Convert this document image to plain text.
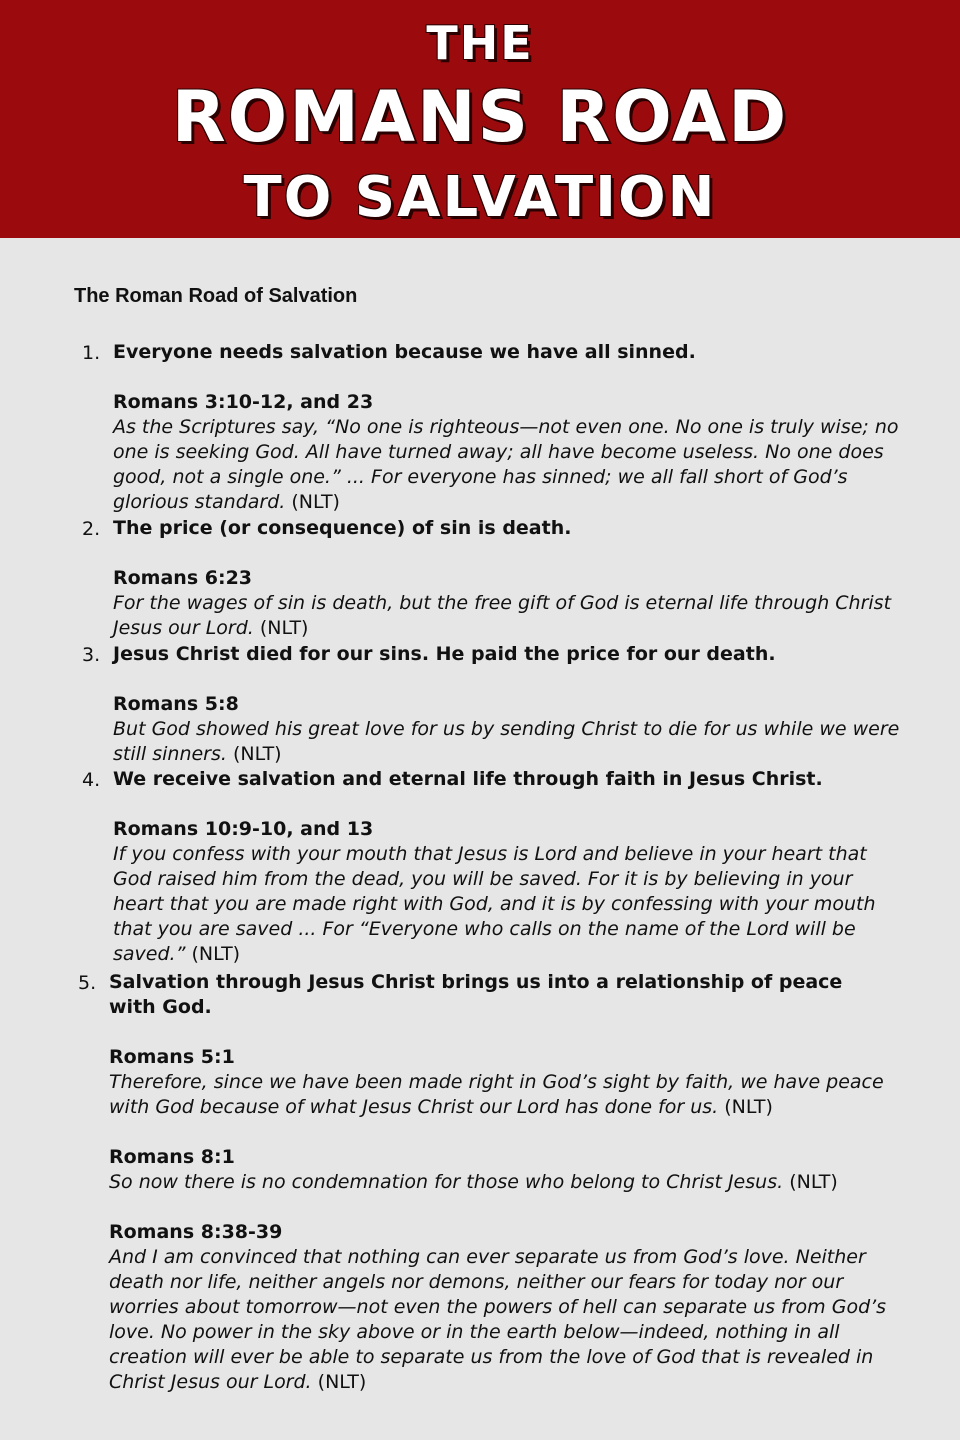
THE
ROMANS ROAD
TO SALVATION
The Roman Road of Salvation
1. Everyone needs salvation because we have all sinned.
Romans 3:10-12, and 23
As the Scriptures say, “No one is righteous—not even one. No one is truly wise; no one is seeking God. All have turned away; all have become useless. No one does good, not a single one.” ... For everyone has sinned; we all fall short of God’s glorious standard. (NLT)
2. The price (or consequence) of sin is death.
Romans 6:23
For the wages of sin is death, but the free gift of God is eternal life through Christ Jesus our Lord. (NLT)
3. Jesus Christ died for our sins. He paid the price for our death.
Romans 5:8
But God showed his great love for us by sending Christ to die for us while we were still sinners. (NLT)
4. We receive salvation and eternal life through faith in Jesus Christ.
Romans 10:9-10, and 13
If you confess with your mouth that Jesus is Lord and believe in your heart that God raised him from the dead, you will be saved. For it is by believing in your heart that you are made right with God, and it is by confessing with your mouth that you are saved ... For “Everyone who calls on the name of the Lord will be saved.” (NLT)
5. Salvation through Jesus Christ brings us into a relationship of peace with God.
Romans 5:1
Therefore, since we have been made right in God’s sight by faith, we have peace with God because of what Jesus Christ our Lord has done for us. (NLT)
Romans 8:1
So now there is no condemnation for those who belong to Christ Jesus. (NLT)
Romans 8:38-39
And I am convinced that nothing can ever separate us from God’s love. Neither death nor life, neither angels nor demons, neither our fears for today nor our worries about tomorrow—not even the powers of hell can separate us from God’s love. No power in the sky above or in the earth below—indeed, nothing in all creation will ever be able to separate us from the love of God that is revealed in Christ Jesus our Lord. (NLT)
